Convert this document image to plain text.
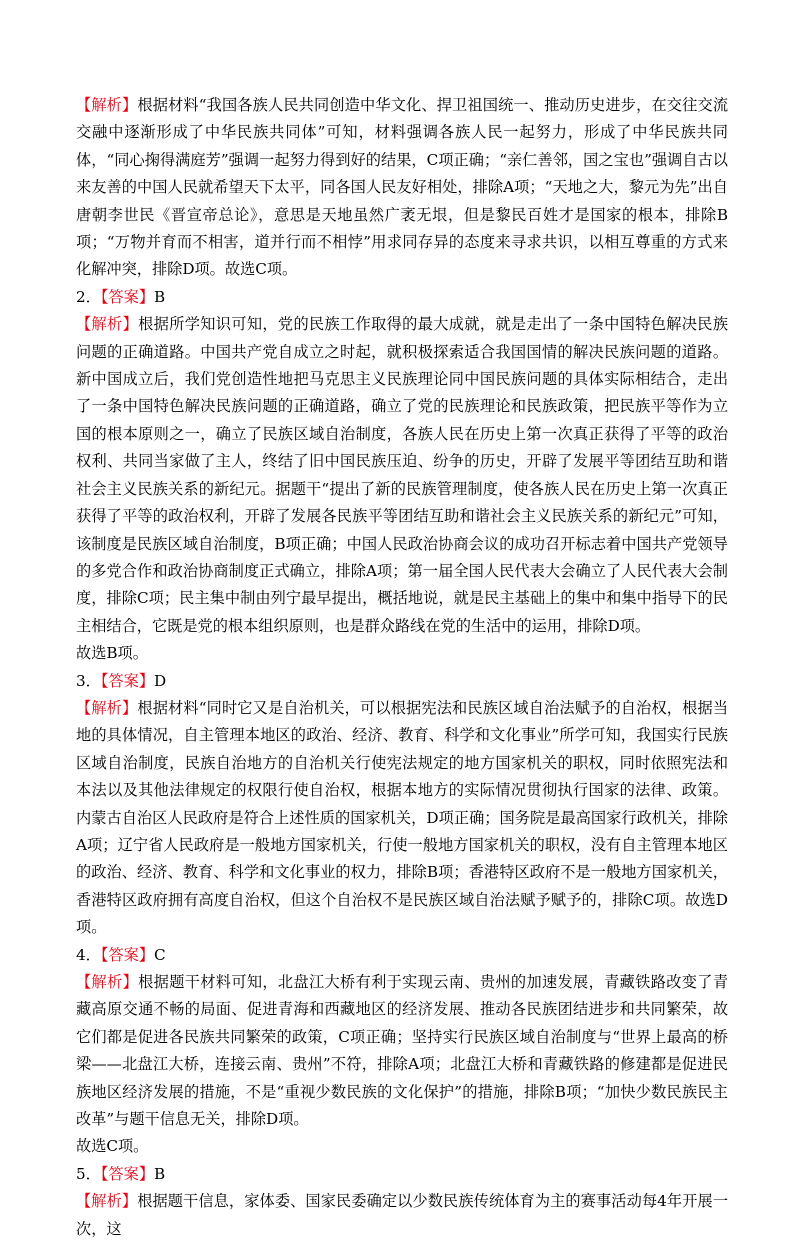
【解析】根据材料“我国各族人民共同创造中华文化、捍卫祖国统一、推动历史进步，在交往交流交融中逐渐形成了中华民族共同体”可知，材料强调各族人民一起努力，形成了中华民族共同体，“同心掬得满庭芳”强调一起努力得到好的结果，C项正确；“亲仁善邻，国之宝也”强调自古以来友善的中国人民就希望天下太平，同各国人民友好相处，排除A项；“天地之大，黎元为先”出自唐朝李世民《晋宣帝总论》，意思是天地虽然广袤无垠，但是黎民百姓才是国家的根本，排除B项；“万物并育而不相害，道并行而不相悖”用求同存异的态度来寻求共识，以相互尊重的方式来化解冲突，排除D项。故选C项。

2．【答案】B

【解析】根据所学知识可知，党的民族工作取得的最大成就，就是走出了一条中国特色解决民族问题的正确道路。中国共产党自成立之时起，就积极探索适合我国国情的解决民族问题的道路。新中国成立后，我们党创造性地把马克思主义民族理论同中国民族问题的具体实际相结合，走出了一条中国特色解决民族问题的正确道路，确立了党的民族理论和民族政策，把民族平等作为立国的根本原则之一，确立了民族区域自治制度，各族人民在历史上第一次真正获得了平等的政治权利、共同当家做了主人，终结了旧中国民族压迫、纷争的历史，开辟了发展平等团结互助和谐社会主义民族关系的新纪元。据题干“提出了新的民族管理制度，使各族人民在历史上第一次真正获得了平等的政治权利，开辟了发展各民族平等团结互助和谐社会主义民族关系的新纪元”可知，该制度是民族区域自治制度，B项正确；中国人民政治协商会议的成功召开标志着中国共产党领导的多党合作和政治协商制度正式确立，排除A项；第一届全国人民代表大会确立了人民代表大会制度，排除C项；民主集中制由列宁最早提出，概括地说，就是民主基础上的集中和集中指导下的民主相结合，它既是党的根本组织原则，也是群众路线在党的生活中的运用，排除D项。

故选B项。

3．【答案】D

【解析】根据材料“同时它又是自治机关，可以根据宪法和民族区域自治法赋予的自治权，根据当地的具体情况，自主管理本地区的政治、经济、教育、科学和文化事业”所学可知，我国实行民族区域自治制度，民族自治地方的自治机关行使宪法规定的地方国家机关的职权，同时依照宪法和本法以及其他法律规定的权限行使自治权，根据本地方的实际情况贯彻执行国家的法律、政策。内蒙古自治区人民政府是符合上述性质的国家机关，D项正确；国务院是最高国家行政机关，排除A项；辽宁省人民政府是一般地方国家机关，行使一般地方国家机关的职权，没有自主管理本地区的政治、经济、教育、科学和文化事业的权力，排除B项；香港特区政府不是一般地方国家机关，香港特区政府拥有高度自治权，但这个自治权不是民族区域自治法赋予赋予的，排除C项。故选D项。

4．【答案】C

【解析】根据题干材料可知，北盘江大桥有利于实现云南、贵州的加速发展，青藏铁路改变了青藏高原交通不畅的局面、促进青海和西藏地区的经济发展、推动各民族团结进步和共同繁荣，故它们都是促进各民族共同繁荣的政策，C项正确；坚持实行民族区域自治制度与“世界上最高的桥梁——北盘江大桥，连接云南、贵州”不符，排除A项；北盘江大桥和青藏铁路的修建都是促进民族地区经济发展的措施，不是“重视少数民族的文化保护”的措施，排除B项；“加快少数民族民主改革”与题干信息无关，排除D项。

故选C项。

5．【答案】B

【解析】根据题干信息，家体委、国家民委确定以少数民族传统体育为主的赛事活动每4年开展一次，这
